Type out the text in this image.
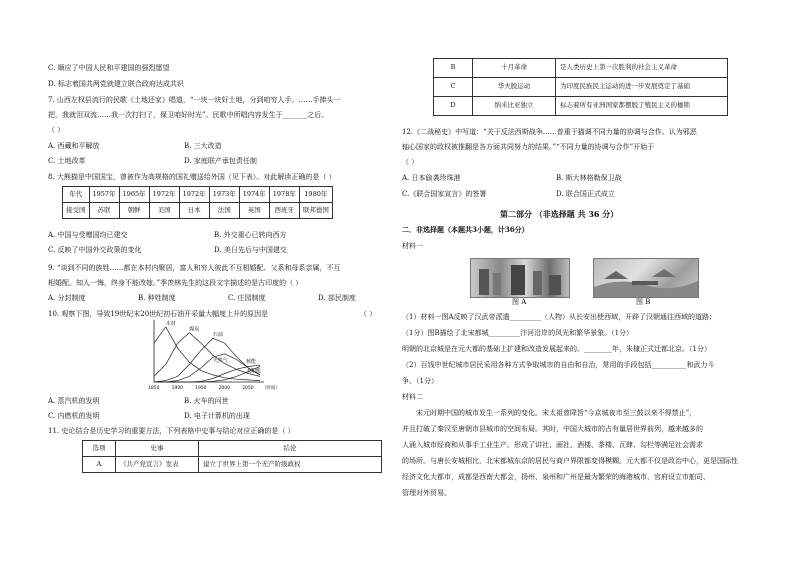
C. 顺应了中国人民和平建国的强烈愿望
D. 标志着国共两党就建立联合政府达成共识
7. 山西左权县流行的民歌《土地还家》唱道，“一块一块好土地，分到咱穷人手。……手捧头一
把，我就泪双流……我一次打扫了，保卫咱好时光”。民歌中所唱内容发生于_______之后。
（ ）
A. 西藏和平解放	B. 三大改造
C. 土地改革	D. 家庭联产承包责任制
8. 大熊猫是中国国宝，曾被作为高规格的国礼赠送给外国（见下表）。对此解读正确的是（ ）
年代	1957年	1965年	1972年	1972年	1973年	1974年	1978年	1980年
接受国	苏联	朝鲜	美国	日本	法国	英国	西班牙	联邦德国
A. 中国与受赠国均已建交	B. 外交重心已转向西方
C. 反映了中国外交政策的变化	D. 美日先后与中国建交
9. “谈到不同的族姓……都在本村内聚居，富人和穷人彼此不互相婚配。父系和母系亲属，不互
相婚配。知人一悔，终身不能改嫁。”季羡林先生的这段文字描述的是古印度的（ ）
A. 分封制度	B. 种姓制度	C. 庄园制度	D. 部民制度
10. 观察下图，导致19世纪末20世纪初石油开采量大幅度上升的原因是	（ ）
木材
煤炭
石油
天然气	核能
太阳能
1850	1900	1950	2000	2050 （时间）
A. 蒸汽机的发明	B. 火车的问世
C. 内燃机的发明	D. 电子计算机的出现
11. 史论结合是历史学习的重要方法，下列表格中史事与结论对应正确的是（ ）
选项	史事	结论
A	《共产党宣言》发表	建立了世界上第一个无产阶级政权
B	十月革命	是人类历史上第一次胜利的社会主义革命
C	华夫脱运动	为印度民族民主运动的进一步发展奠定了基础
D	纳米比亚独立	标志着所有亚洲国家都摆脱了殖民主义的枷锁
12.《二战秘史》中写道：“关于反法西斯战争……普重于猫调不同力量的协调与合作。认为邪恶
轴心国家的政权被推翻是各方面共同努力的结果。”“不同力量的协调与合作”开始于
（ ）
A. 日本偷袭珍珠港	B. 斯大林格勒保卫战
C.《联合国家宣言》的签署	D. 联合国正式成立
第二部分 （非选择题 共 36 分）
二．非选择题（本题共3小题，计36分）
材料一
图 A	图 B
（1）材料一图A反映了汉武帝派遣_________（人物）从长安出使西域，开辟了汉朝通往西域的道路；
（1分）图B描绘了北宋都城_________汴河沿岸的风光和繁华景象。（1分）
明朝的北京城是在元大都的基础上扩建和改造发展起来的。________年，朱棣正式迁都北京。（1分）
（2）百钱中世纪城市居民采用各种方式争取城市的自由和自治，常用的手段包括__________和武力斗
争。（1分）
材料二
宋元时期中国的城市发生一系列的变化。宋太祖曾降旨“今京城夜市至三鼓以来不得禁止”，
并且打破了秦汉至唐朝市县城市的空间布局。其时，中国大城市的占有量居世界前列，越来越多的
人涌入城市经商和从事手工业生产。形成了讲社、画社、酒楼、茶楼、瓦肆、勾栏等满足社会需求
的场所。与唐长安城相比，北宋都城东京的居民与商户界限都变得模糊。元大都不仅是政治中心，更是国际性
经济文化大都市，成都是西南大都会，扬州、泉州和广州是最为繁荣的海港城市，官府设立市舶司，
管理对外贸易。
